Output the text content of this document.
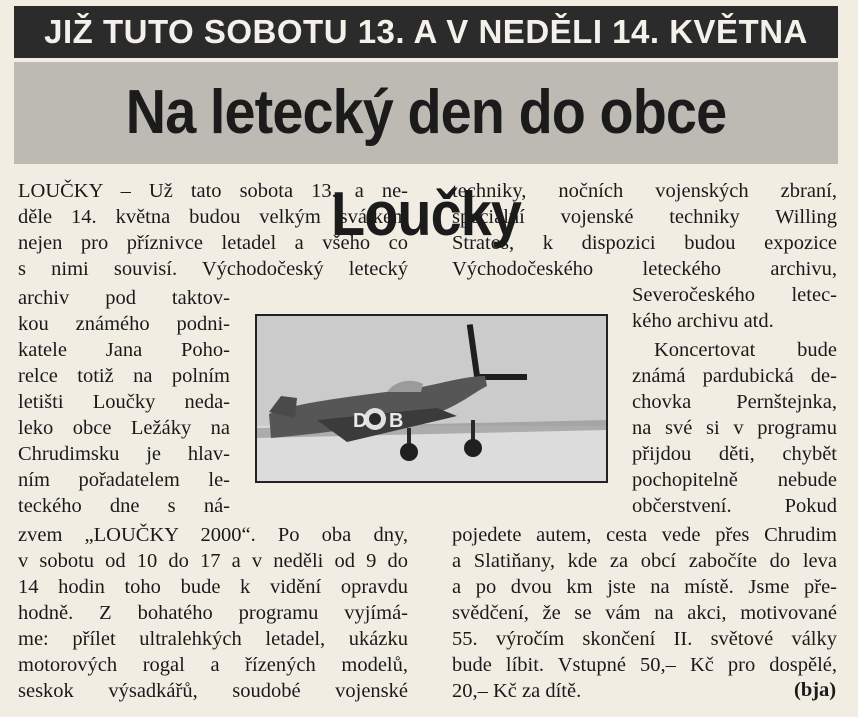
JIŽ TUTO SOBOTU 13. A V NEDĚLI 14. KVĚTNA
Na letecký den do obce Loučky
LOUČKY – Už tato sobota 13. a ne-
děle 14. května budou velkým svátkem
nejen pro příznivce letadel a všeho co
s nimi souvisí. Východočeský letecký
archiv pod taktov-
kou známého podni-
katele Jana Poho-
relce totiž na polním
letišti Loučky neda-
leko obce Ležáky na
Chrudimsku je hlav-
ním pořadatelem le-
teckého dne s ná-
zvem „LOUČKY 2000“. Po oba dny,
v sobotu od 10 do 17 a v neděli od 9 do
14 hodin toho bude k vidění opravdu
hodně. Z bohatého programu vyjímá-
me: přílet ultralehkých letadel, ukázku
motorových rogal a řízených modelů,
seskok výsadkářů, soudobé vojenské
techniky, nočních vojenských zbraní,
speciální vojenské techniky Willing
Stratos, k dispozici budou expozice
Východočeského leteckého archivu,
Severočeského letec-
kého archivu atd.
Koncertovat bude
známá pardubická de-
chovka Pernštejnka,
na své si v programu
přijdou děti, chybět
pochopitelně nebude
občerstvení. Pokud
pojedete autem, cesta vede přes Chrudim
a Slatiňany, kde za obcí zabočíte do leva
a po dvou km jste na místě. Jsme pře-
svědčení, že se vám na akci, motivované
55. výročím skončení II. světové války
bude líbit. Vstupné 50,– Kč pro dospělé,
20,– Kč za dítě.	(bja)
D B
